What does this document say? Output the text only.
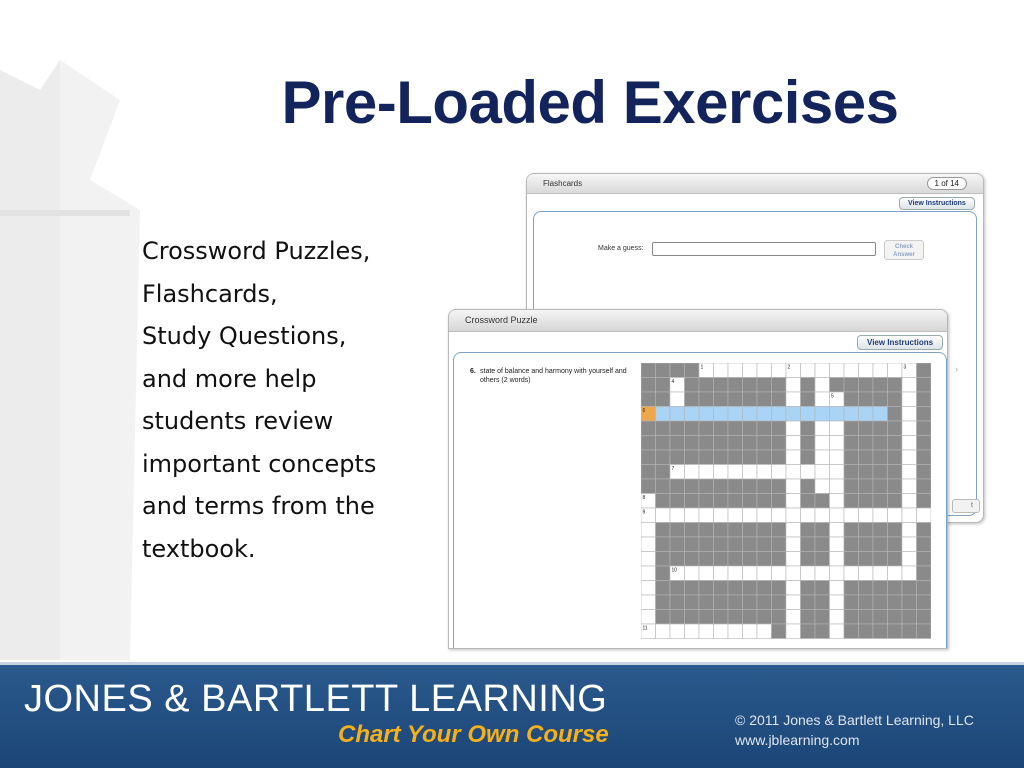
Pre-Loaded Exercises
Crossword Puzzles,
Flashcards,
Study Questions,
and more help
students review
important concepts
and terms from the
textbook.
Flashcards	1 of 14
View Instructions
Make a guess:	Check
Answer
t
Crossword Puzzle
View Instructions
6. state of balance and harmony with yourself and others (2 words)
›
1	2	3
4
5
6
7
8
9
10
11
JONES & BARTLETT LEARNING
Chart Your Own Course
© 2011 Jones & Bartlett Learning, LLC
www.jblearning.com
